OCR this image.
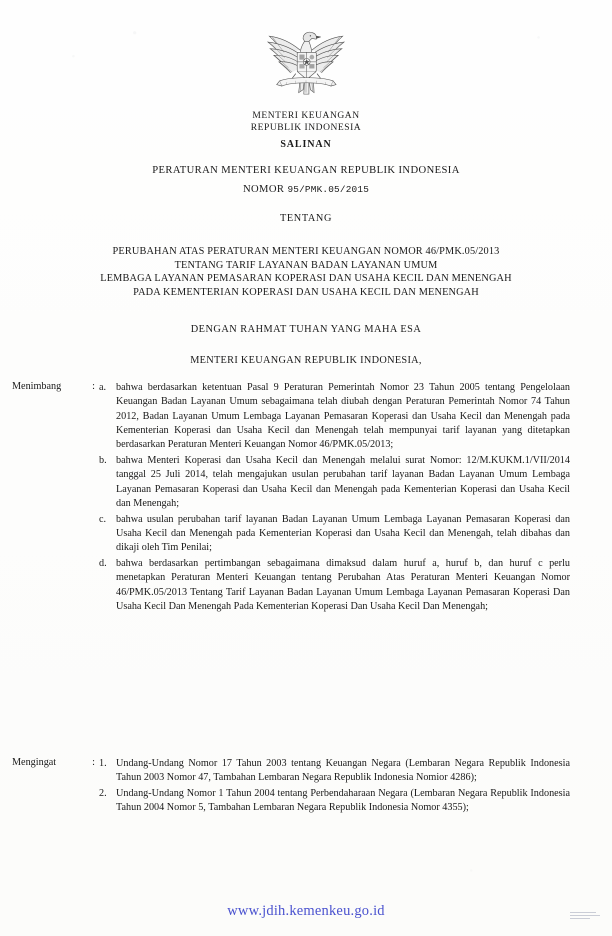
MENTERI KEUANGAN
REPUBLIK INDONESIA
SALINAN
PERATURAN MENTERI KEUANGAN REPUBLIK INDONESIA
NOMOR 95/PMK.05/2015
TENTANG
PERUBAHAN ATAS PERATURAN MENTERI KEUANGAN NOMOR 46/PMK.05/2013
TENTANG TARIF LAYANAN BADAN LAYANAN UMUM
LEMBAGA LAYANAN PEMASARAN KOPERASI DAN USAHA KECIL DAN MENENGAH
PADA KEMENTERIAN KOPERASI DAN USAHA KECIL DAN MENENGAH
DENGAN RAHMAT TUHAN YANG MAHA ESA
MENTERI KEUANGAN REPUBLIK INDONESIA,
Menimbang	: a. bahwa berdasarkan ketentuan Pasal 9 Peraturan Pemerintah Nomor 23 Tahun 2005 tentang Pengelolaan Keuangan Badan Layanan Umum sebagaimana telah diubah dengan Peraturan Pemerintah Nomor 74 Tahun 2012, Badan Layanan Umum Lembaga Layanan Pemasaran Koperasi dan Usaha Kecil dan Menengah pada Kementerian Koperasi dan Usaha Kecil dan Menengah telah mempunyai tarif layanan yang ditetapkan berdasarkan Peraturan Menteri Keuangan Nomor 46/PMK.05/2013;
b. bahwa Menteri Koperasi dan Usaha Kecil dan Menengah melalui surat Nomor: 12/M.KUKM.1/VII/2014 tanggal 25 Juli 2014, telah mengajukan usulan perubahan tarif layanan Badan Layanan Umum Lembaga Layanan Pemasaran Koperasi dan Usaha Kecil dan Menengah pada Kementerian Koperasi dan Usaha Kecil dan Menengah;
c. bahwa usulan perubahan tarif layanan Badan Layanan Umum Lembaga Layanan Pemasaran Koperasi dan Usaha Kecil dan Menengah pada Kementerian Koperasi dan Usaha Kecil dan Menengah, telah dibahas dan dikaji oleh Tim Penilai;
d. bahwa berdasarkan pertimbangan sebagaimana dimaksud dalam huruf a, huruf b, dan huruf c perlu menetapkan Peraturan Menteri Keuangan tentang Perubahan Atas Peraturan Menteri Keuangan Nomor 46/PMK.05/2013 Tentang Tarif Layanan Badan Layanan Umum Lembaga Layanan Pemasaran Koperasi Dan Usaha Kecil Dan Menengah Pada Kementerian Koperasi Dan Usaha Kecil Dan Menengah;
Mengingat	: 1. Undang-Undang Nomor 17 Tahun 2003 tentang Keuangan Negara (Lembaran Negara Republik Indonesia Tahun 2003 Nomor 47, Tambahan Lembaran Negara Republik Indonesia Nomior 4286);
2. Undang-Undang Nomor 1 Tahun 2004 tentang Perbendaharaan Negara (Lembaran Negara Republik Indonesia Tahun 2004 Nomor 5, Tambahan Lembaran Negara Republik Indonesia Nomor 4355);
www.jdih.kemenkeu.go.id
